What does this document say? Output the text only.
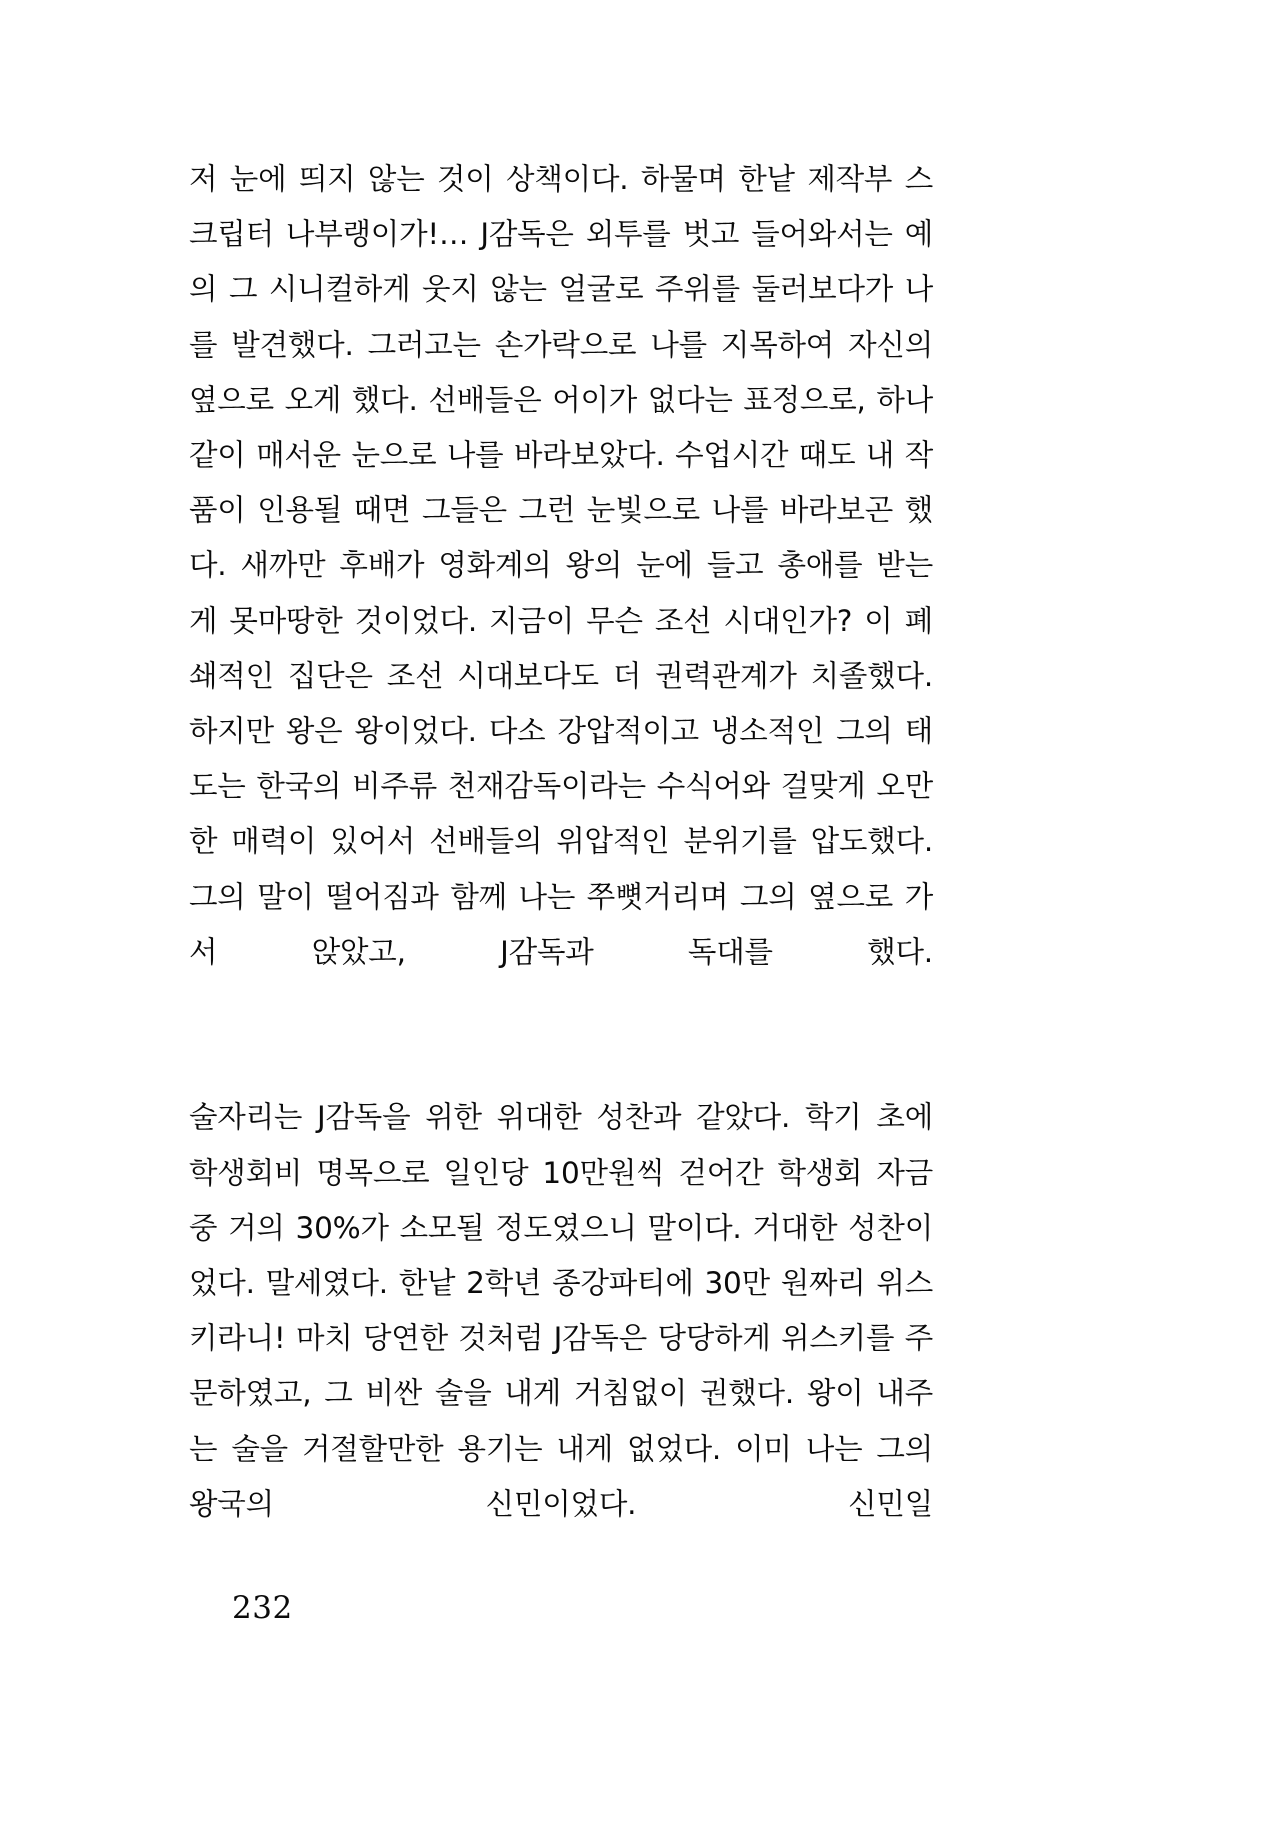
저 눈에 띄지 않는 것이 상책이다. 하물며 한낱 제작부 스크립터 나부랭이가!… J감독은 외투를 벗고 들어와서는 예의 그 시니컬하게 웃지 않는 얼굴로 주위를 둘러보다가 나를 발견했다. 그러고는 손가락으로 나를 지목하여 자신의 옆으로 오게 했다. 선배들은 어이가 없다는 표정으로, 하나같이 매서운 눈으로 나를 바라보았다. 수업시간 때도 내 작품이 인용될 때면 그들은 그런 눈빛으로 나를 바라보곤 했다. 새까만 후배가 영화계의 왕의 눈에 들고 총애를 받는 게 못마땅한 것이었다. 지금이 무슨 조선 시대인가? 이 폐쇄적인 집단은 조선 시대보다도 더 권력관계가 치졸했다. 하지만 왕은 왕이었다. 다소 강압적이고 냉소적인 그의 태도는 한국의 비주류 천재감독이라는 수식어와 걸맞게 오만한 매력이 있어서 선배들의 위압적인 분위기를 압도했다. 그의 말이 떨어짐과 함께 나는 쭈뼛거리며 그의 옆으로 가서 앉았고, J감독과 독대를 했다.

술자리는 J감독을 위한 위대한 성찬과 같았다. 학기 초에 학생회비 명목으로 일인당 10만원씩 걷어간 학생회 자금 중 거의 30%가 소모될 정도였으니 말이다. 거대한 성찬이었다. 말세였다. 한낱 2학년 종강파티에 30만 원짜리 위스키라니! 마치 당연한 것처럼 J감독은 당당하게 위스키를 주문하였고, 그 비싼 술을 내게 거침없이 권했다. 왕이 내주는 술을 거절할만한 용기는 내게 없었다. 이미 나는 그의 왕국의 신민이었다. 신민일

232
